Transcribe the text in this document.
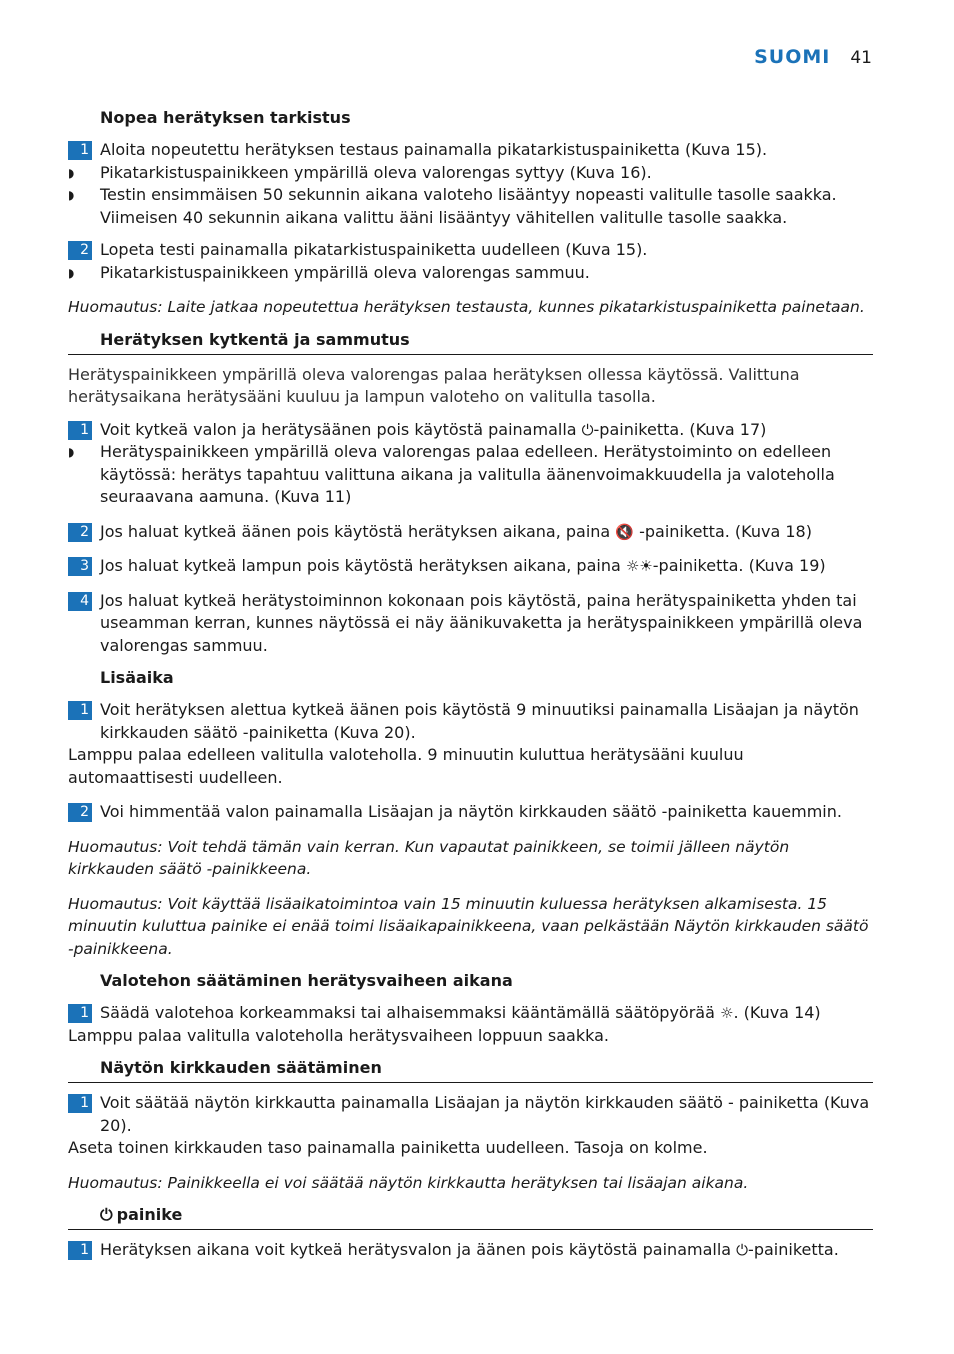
SUOMI 41
Nopea herätyksen tarkistus
1 Aloita nopeutettu herätyksen testaus painamalla pikatarkistuspainiketta (Kuva 15).
◗ Pikatarkistuspainikkeen ympärillä oleva valorengas syttyy (Kuva 16).
◗ Testin ensimmäisen 50 sekunnin aikana valoteho lisääntyy nopeasti valitulle tasolle saakka. Viimeisen 40 sekunnin aikana valittu ääni lisääntyy vähitellen valitulle tasolle saakka.
2 Lopeta testi painamalla pikatarkistuspainiketta uudelleen (Kuva 15).
◗ Pikatarkistuspainikkeen ympärillä oleva valorengas sammuu.
Huomautus: Laite jatkaa nopeutettua herätyksen testausta, kunnes pikatarkistuspainiketta painetaan.
Herätyksen kytkentä ja sammutus
Herätyspainikkeen ympärillä oleva valorengas palaa herätyksen ollessa käytössä. Valittuna herätysaikana herätysääni kuuluu ja lampun valoteho on valitulla tasolla.
1 Voit kytkeä valon ja herätysäänen pois käytöstä painamalla ⏻-painiketta. (Kuva 17)
◗ Herätyspainikkeen ympärillä oleva valorengas palaa edelleen. Herätystoiminto on edelleen käytössä: herätys tapahtuu valittuna aikana ja valitulla äänenvoimakkuudella ja valoteholla seuraavana aamuna. (Kuva 11)
2 Jos haluat kytkeä äänen pois käytöstä herätyksen aikana, paina 🔇 -painiketta. (Kuva 18)
3 Jos haluat kytkeä lampun pois käytöstä herätyksen aikana, paina ☼☀-painiketta. (Kuva 19)
4 Jos haluat kytkeä herätystoiminnon kokonaan pois käytöstä, paina herätyspainiketta yhden tai useamman kerran, kunnes näytössä ei näy äänikuvaketta ja herätyspainikkeen ympärillä oleva valorengas sammuu.
Lisäaika
1 Voit herätyksen alettua kytkeä äänen pois käytöstä 9 minuutiksi painamalla Lisäajan ja näytön kirkkauden säätö -painiketta (Kuva 20).
Lamppu palaa edelleen valitulla valoteholla. 9 minuutin kuluttua herätysääni kuuluu automaattisesti uudelleen.
2 Voi himmentää valon painamalla Lisäajan ja näytön kirkkauden säätö -painiketta kauemmin.
Huomautus: Voit tehdä tämän vain kerran. Kun vapautat painikkeen, se toimii jälleen näytön kirkkauden säätö -painikkeena.
Huomautus: Voit käyttää lisäaikatoimintoa vain 15 minuutin kuluessa herätyksen alkamisesta. 15 minuutin kuluttua painike ei enää toimi lisäaikapainikkeena, vaan pelkästään Näytön kirkkauden säätö -painikkeena.
Valotehon säätäminen herätysvaiheen aikana
1 Säädä valotehoa korkeammaksi tai alhaisemmaksi kääntämällä säätöpyörää ☼. (Kuva 14)
Lamppu palaa valitulla valoteholla herätysvaiheen loppuun saakka.
Näytön kirkkauden säätäminen
1 Voit säätää näytön kirkkautta painamalla Lisäajan ja näytön kirkkauden säätö - painiketta (Kuva 20).
Aseta toinen kirkkauden taso painamalla painiketta uudelleen. Tasoja on kolme.
Huomautus: Painikkeella ei voi säätää näytön kirkkautta herätyksen tai lisäajan aikana.
⏻ painike
1 Herätyksen aikana voit kytkeä herätysvalon ja äänen pois käytöstä painamalla ⏻-painiketta.
